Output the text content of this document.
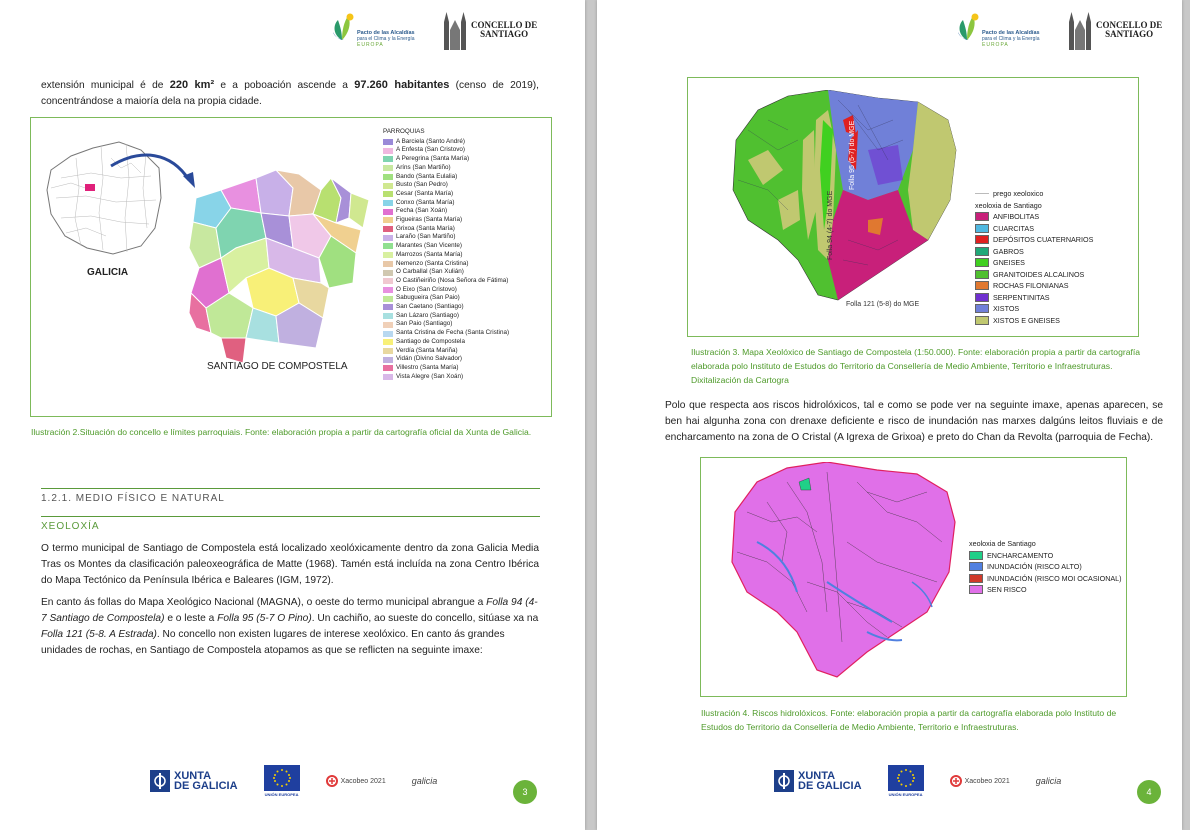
Pacto de las Alcaldías
para el Clima y la Energía
EUROPA
CONCELLO DE
SANTIAGO
extensión municipal é de 220 km² e a poboación ascende a 97.260 habitantes (censo de 2019), concentrándose a maioría dela na propia cidade.
GALICIA
SANTIAGO DE COMPOSTELA
PARROQUIAS
A Barciela (Santo André)
A Enfesta (San Cristovo)
A Peregrina (Santa María)
Aríns (San Martiño)
Bando (Santa Eulalia)
Busto (San Pedro)
Cesar (Santa María)
Conxo (Santa María)
Fecha (San Xoán)
Figueiras (Santa María)
Grixoa (Santa María)
Laraño (San Martiño)
Marantes (San Vicente)
Marrozos (Santa María)
Nemenzo (Santa Cristina)
O Carballal (San Xulián)
O Castiñeiriño (Nosa Señora de Fátima)
O Eixo (San Cristovo)
Sabugueira (San Paio)
San Caetano (Santiago)
San Lázaro (Santiago)
San Paio (Santiago)
Santa Cristina de Fecha (Santa Cristina)
Santiago de Compostela
Verdía (Santa Mariña)
Vidán (Divino Salvador)
Villestro (Santa María)
Vista Alegre (San Xoán)
Ilustración 2.Situación do concello e límites parroquiais. Fonte: elaboración propia a partir da cartografía oficial da Xunta de Galicia.
1.2.1. MEDIO FÍSICO E NATURAL
XEOLOXÍA
O termo municipal de Santiago de Compostela está localizado xeolóxicamente dentro da zona Galicia Media Tras os Montes da clasificación paleoxeográfica de Matte (1968). Tamén está incluída na zona Centro Ibérica do Mapa Tectónico da Península Ibérica e Baleares (IGM, 1972).
En canto ás follas do Mapa Xeológico Nacional (MAGNA), o oeste do termo municipal abrangue a Folla 94 (4-7 Santiago de Compostela) e o leste a Folla 95 (5-7 O Pino). Un cachiño, ao sueste do concello, sitúase xa na Folla 121 (5-8. A Estrada). No concello non existen lugares de interese xeolóxico. En canto ás grandes unidades de rochas, en Santiago de Compostela atopamos as que se reflicten na seguinte imaxe:
XUNTA
DE GALICIA
UNIÓN EUROPEA
Xacobeo 2021	galicia
3
Pacto de las Alcaldías
para el Clima y la Energía
EUROPA
CONCELLO DE
SANTIAGO
Folla 94 (4-7) do MGE
Folla 95 (5-7) do MGE
Folla 121 (5-8) do MGE
prego xeoloxico
xeoloxia de Santiago
ANFIBOLITAS
CUARCITAS
DEPÓSITOS CUATERNARIOS
GABROS
GNEISES
GRANITOIDES ALCALINOS
ROCHAS FILONIANAS
SERPENTINITAS
XISTOS
XISTOS E GNEISES
Ilustración 3. Mapa Xeolóxico de Santiago de Compostela (1:50.000). Fonte: elaboración propia a partir da cartografía elaborada polo Instituto de Estudos do Territorio da Consellería de Medio Ambiente, Territorio e Infraestruturas. Dixitalización da Cartogra
Polo que respecta aos riscos hidrolóxicos, tal e como se pode ver na seguinte imaxe, apenas aparecen, se ben hai algunha zona con drenaxe deficiente e risco de inundación nas marxes dalgúns leitos fluviais e de encharcamento na zona de O Cristal (A Igrexa de Grixoa) e preto do Chan da Revolta (parroquia de Fecha).
xeoloxia de Santiago
ENCHARCAMENTO
INUNDACIÓN (RISCO ALTO)
INUNDACIÓN (RISCO MOI OCASIONAL)
SEN RISCO
Ilustración 4. Riscos hidrolóxicos. Fonte: elaboración propia a partir da cartografía elaborada polo Instituto de Estudos do Territorio da Consellería de Medio Ambiente, Territorio e Infraestruturas.
XUNTA
DE GALICIA
UNIÓN EUROPEA
Xacobeo 2021	galicia
4
